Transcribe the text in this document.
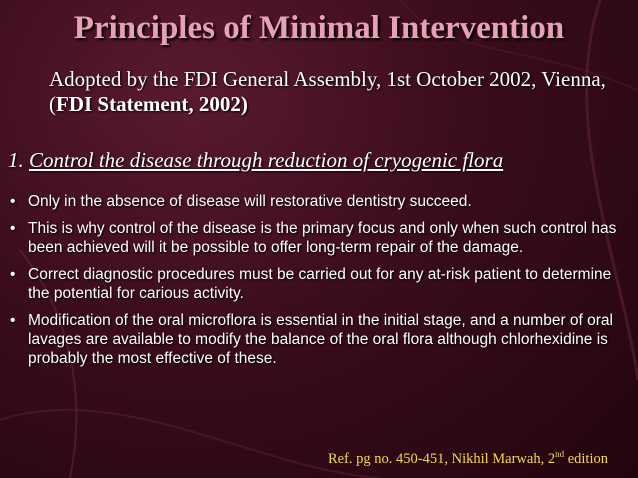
Principles of Minimal Intervention
Adopted by the FDI General Assembly, 1st October 2002, Vienna, (FDI Statement, 2002)
1. Control the disease through reduction of cryogenic flora
• Only in the absence of disease will restorative dentistry succeed.
• This is why control of the disease is the primary focus and only when such control has been achieved will it be possible to offer long-term repair of the damage.
• Correct diagnostic procedures must be carried out for any at-risk patient to determine the potential for carious activity.
• Modification of the oral microflora is essential in the initial stage, and a number of oral lavages are available to modify the balance of the oral flora although chlorhexidine is probably the most effective of these.
Ref. pg no. 450-451, Nikhil Marwah, 2nd edition
